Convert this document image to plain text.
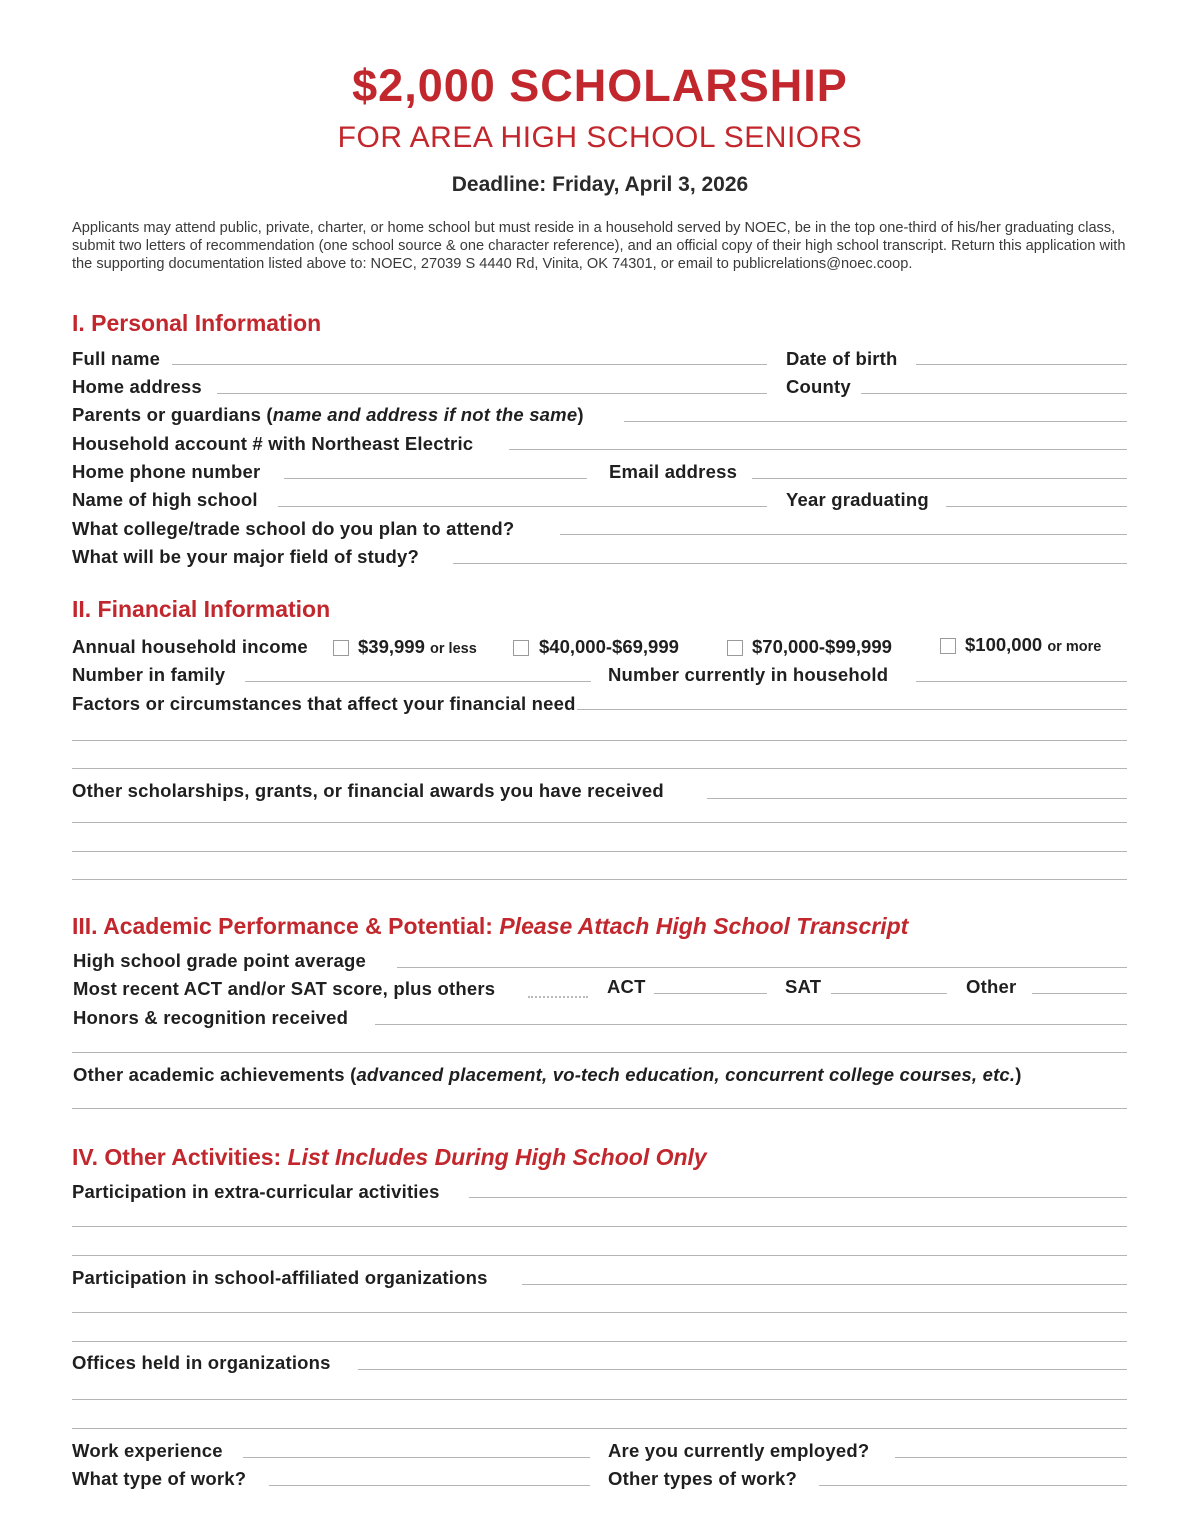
$2,000 SCHOLARSHIP
FOR AREA HIGH SCHOOL SENIORS
Deadline: Friday, April 3, 2026
Applicants may attend public, private, charter, or home school but must reside in a household served by NOEC, be in the top one-third of his/her graduating class, submit two letters of recommendation (one school source & one character reference), and an official copy of their high school transcript. Return this application with the supporting documentation listed above to: NOEC, 27039 S 4440 Rd, Vinita, OK 74301, or email to publicrelations@noec.coop.
I. Personal Information
Full name	Date of birth
Home address	County
Parents or guardians (name and address if not the same)
Household account # with Northeast Electric
Home phone number	Email address
Name of high school	Year graduating
What college/trade school do you plan to attend?
What will be your major field of study?
II. Financial Information
Annual household income	$39,999 or less	$40,000-$69,999	$70,000-$99,999	$100,000 or more
Number in family	Number currently in household
Factors or circumstances that affect your financial need
Other scholarships, grants, or financial awards you have received
III. Academic Performance & Potential: Please Attach High School Transcript
High school grade point average
Most recent ACT and/or SAT score, plus others	ACT	SAT	Other
Honors & recognition received
Other academic achievements (advanced placement, vo-tech education, concurrent college courses, etc.)
IV. Other Activities: List Includes During High School Only
Participation in extra-curricular activities
Participation in school-affiliated organizations
Offices held in organizations
Work experience	Are you currently employed?
What type of work?	Other types of work?
